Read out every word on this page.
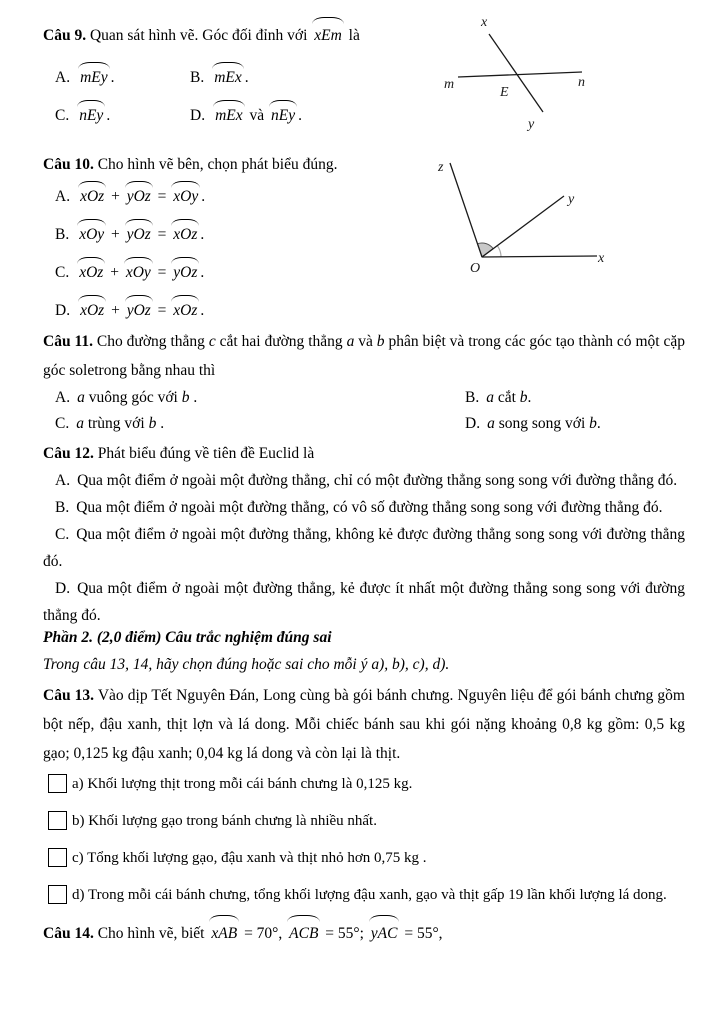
Câu 9. Quan sát hình vẽ. Góc đối đỉnh với xEm là

A. mEy .	B. mEx .
C. nEy .	D. mEx và nEy .

Câu 10. Cho hình vẽ bên, chọn phát biểu đúng.

A. xOz + yOz = xOy .
B. xOy + yOz = xOz .
C. xOz + xOy = yOz .
D. xOz + yOz = xOz .

Câu 11. Cho đường thẳng c cắt hai đường thẳng a và b phân biệt và trong các góc tạo thành có một cặp góc soletrong bằng nhau thì

A. a vuông góc với b .	B. a cắt b.
C. a trùng với b .	D. a song song với b.

Câu 12. Phát biểu đúng về tiên đề Euclid là

A. Qua một điểm ở ngoài một đường thẳng, chỉ có một đường thẳng song song với đường thẳng đó.

B. Qua một điểm ở ngoài một đường thẳng, có vô số đường thẳng song song với đường thẳng đó.

C. Qua một điểm ở ngoài một đường thẳng, không kẻ được đường thẳng song song với đường thẳng đó.

D. Qua một điểm ở ngoài một đường thẳng, kẻ được ít nhất một đường thẳng song song với đường thẳng đó.

Phần 2. (2,0 điểm) Câu trắc nghiệm đúng sai

Trong câu 13, 14, hãy chọn đúng hoặc sai cho mỗi ý a), b), c), d).

Câu 13. Vào dịp Tết Nguyên Đán, Long cùng bà gói bánh chưng. Nguyên liệu để gói bánh chưng gồm bột nếp, đậu xanh, thịt lợn và lá dong. Mỗi chiếc bánh sau khi gói nặng khoảng 0,8 kg gồm: 0,5 kg gạo; 0,125 kg đậu xanh; 0,04 kg lá dong và còn lại là thịt.

a) Khối lượng thịt trong mỗi cái bánh chưng là 0,125 kg.
b) Khối lượng gạo trong bánh chưng là nhiều nhất.
c) Tổng khối lượng gạo, đậu xanh và thịt nhỏ hơn 0,75 kg .
d) Trong mỗi cái bánh chưng, tổng khối lượng đậu xanh, gạo và thịt gấp 19 lần khối lượng lá dong.

Câu 14. Cho hình vẽ, biết xAB = 70°, ACB = 55°; yAC = 55°,

x
m
E
n
y
z
y
x
O
